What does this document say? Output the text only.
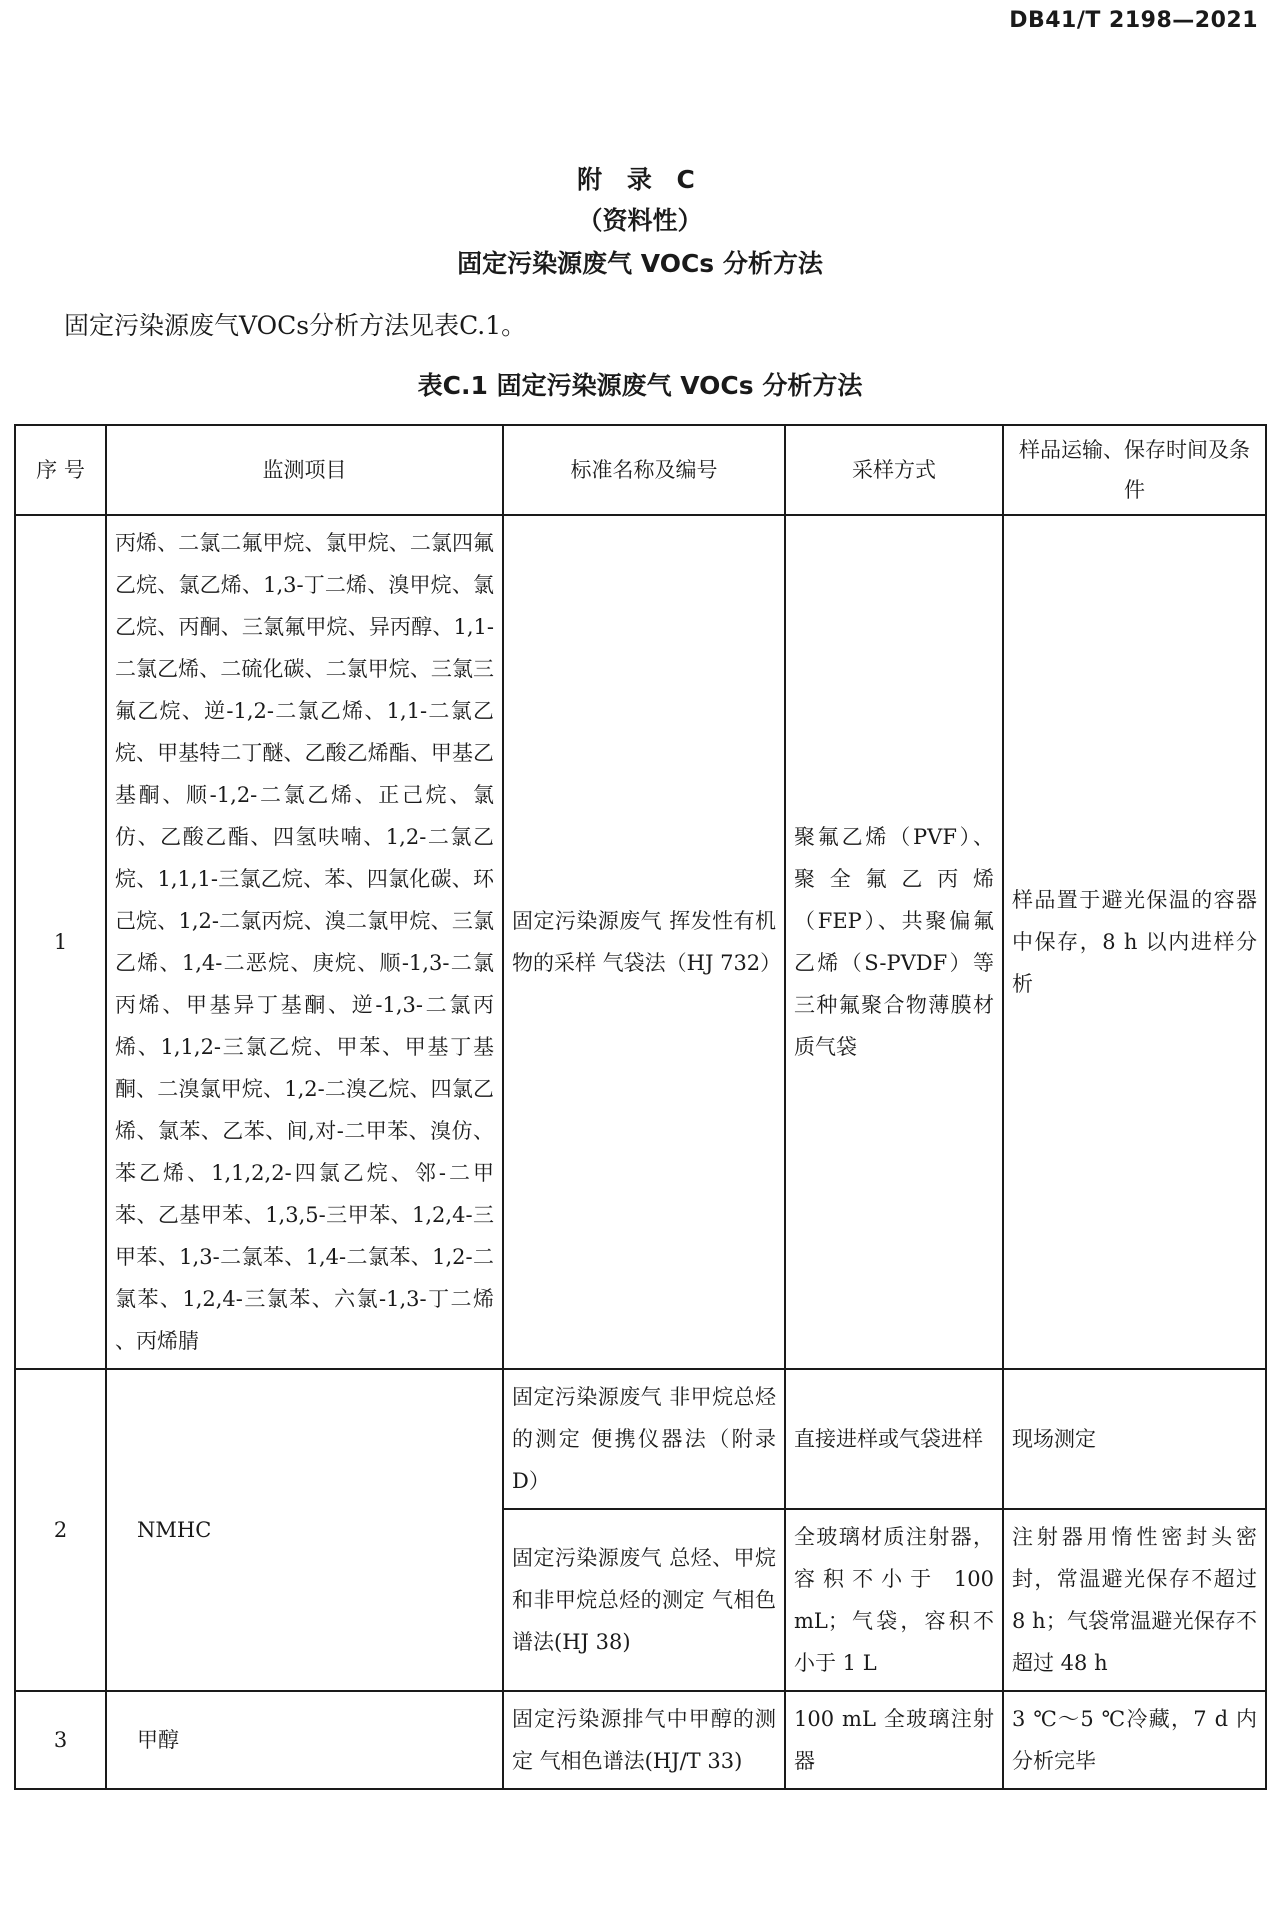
DB41/T 2198—2021
附 录 C
（资料性）
固定污染源废气 VOCs 分析方法
固定污染源废气VOCs分析方法见表C.1。
表C.1 固定污染源废气 VOCs 分析方法
序 号	监测项目	标准名称及编号	采样方式	样品运输、保存时间及条件
1	丙烯、二氯二氟甲烷、氯甲烷、二氯四氟乙烷、氯乙烯、1,3-丁二烯、溴甲烷、氯乙烷、丙酮、三氯氟甲烷、异丙醇、1,1-二氯乙烯、二硫化碳、二氯甲烷、三氯三氟乙烷、逆-1,2-二氯乙烯、1,1-二氯乙烷、甲基特二丁醚、乙酸乙烯酯、甲基乙基酮、顺-1,2-二氯乙烯、正己烷、氯仿、乙酸乙酯、四氢呋喃、1,2-二氯乙烷、1,1,1-三氯乙烷、苯、四氯化碳、环己烷、1,2-二氯丙烷、溴二氯甲烷、三氯乙烯、1,4-二恶烷、庚烷、顺-1,3-二氯丙烯、甲基异丁基酮、逆-1,3-二氯丙烯、1,1,2-三氯乙烷、甲苯、甲基丁基酮、二溴氯甲烷、1,2-二溴乙烷、四氯乙烯、氯苯、乙苯、间,对-二甲苯、溴仿、苯乙烯、1,1,2,2-四氯乙烷、邻-二甲苯、乙基甲苯、1,3,5-三甲苯、1,2,4-三甲苯、1,3-二氯苯、1,4-二氯苯、1,2-二氯苯、1,2,4-三氯苯、六氯-1,3-丁二烯 、丙烯腈	固定污染源废气 挥发性有机物的采样 气袋法（HJ 732）	聚氟乙烯（PVF）、聚全氟乙丙烯（FEP）、共聚偏氟乙烯（S-PVDF）等三种氟聚合物薄膜材质气袋	样品置于避光保温的容器中保存，8 h 以内进样分析
2	NMHC	固定污染源废气 非甲烷总烃的测定 便携仪器法（附录D）	直接进样或气袋进样	现场测定
		固定污染源废气 总烃、甲烷和非甲烷总烃的测定 气相色谱法(HJ 38)	全玻璃材质注射器，容积不小于 100 mL；气袋，容积不小于 1 L	注射器用惰性密封头密封，常温避光保存不超过 8 h；气袋常温避光保存不超过 48 h
3	甲醇	固定污染源排气中甲醇的测定 气相色谱法(HJ/T 33)	100 mL 全玻璃注射器	3 ℃～5 ℃冷藏，7 d 内分析完毕
